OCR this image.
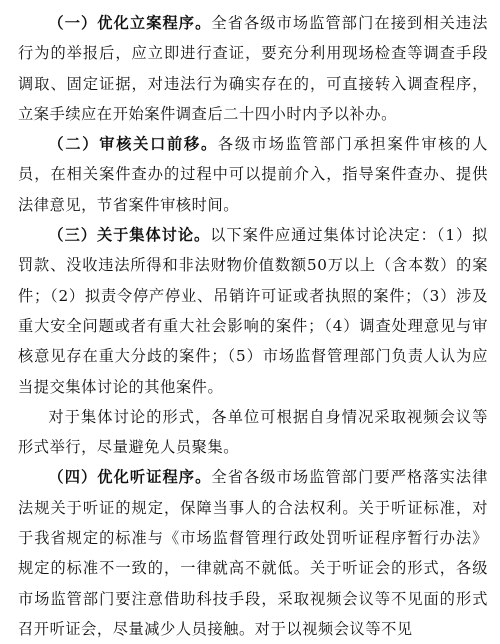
（一）优化立案程序。全省各级市场监管部门在接到相关违法行为的举报后，应立即进行查证，要充分利用现场检查等调查手段调取、固定证据，对违法行为确实存在的，可直接转入调查程序，立案手续应在开始案件调查后二十四小时内予以补办。

（二）审核关口前移。各级市场监管部门承担案件审核的人员，在相关案件查办的过程中可以提前介入，指导案件查办、提供法律意见，节省案件审核时间。

（三）关于集体讨论。以下案件应通过集体讨论决定：（1）拟罚款、没收违法所得和非法财物价值数额50万以上（含本数）的案件；（2）拟责令停产停业、吊销许可证或者执照的案件；（3）涉及重大安全问题或者有重大社会影响的案件；（4）调查处理意见与审核意见存在重大分歧的案件；（5）市场监督管理部门负责人认为应当提交集体讨论的其他案件。

对于集体讨论的形式，各单位可根据自身情况采取视频会议等形式举行，尽量避免人员聚集。

（四）优化听证程序。全省各级市场监管部门要严格落实法律法规关于听证的规定，保障当事人的合法权利。关于听证标准，对于我省规定的标准与《市场监督管理行政处罚听证程序暂行办法》规定的标准不一致的，一律就高不就低。关于听证会的形式，各级市场监管部门要注意借助科技手段，采取视频会议等不见面的形式召开听证会，尽量减少人员接触。对于以视频会议等不见
